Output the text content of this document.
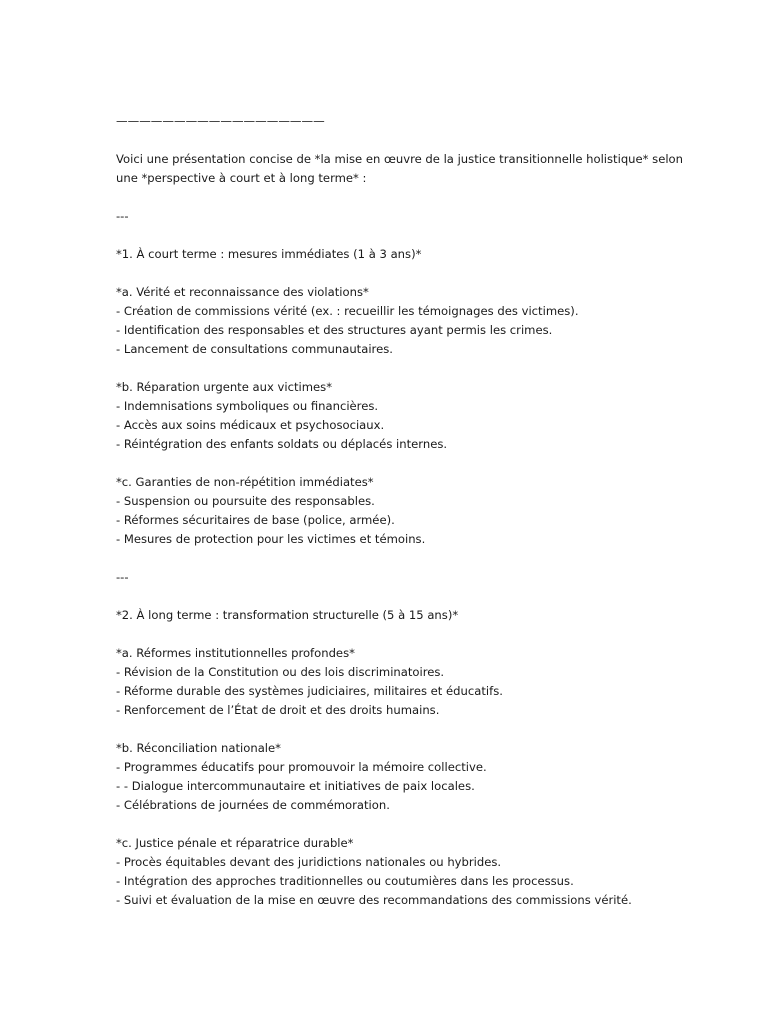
——————————————————
Voici une présentation concise de *la mise en œuvre de la justice transitionnelle holistique* selon
une *perspective à court et à long terme* :
---
*1. À court terme : mesures immédiates (1 à 3 ans)*
*a. Vérité et reconnaissance des violations*
- Création de commissions vérité (ex. : recueillir les témoignages des victimes).
- Identification des responsables et des structures ayant permis les crimes.
- Lancement de consultations communautaires.
*b. Réparation urgente aux victimes*
- Indemnisations symboliques ou financières.
- Accès aux soins médicaux et psychosociaux.
- Réintégration des enfants soldats ou déplacés internes.
*c. Garanties de non-répétition immédiates*
- Suspension ou poursuite des responsables.
- Réformes sécuritaires de base (police, armée).
- Mesures de protection pour les victimes et témoins.
---
*2. À long terme : transformation structurelle (5 à 15 ans)*
*a. Réformes institutionnelles profondes*
- Révision de la Constitution ou des lois discriminatoires.
- Réforme durable des systèmes judiciaires, militaires et éducatifs.
- Renforcement de l’État de droit et des droits humains.
*b. Réconciliation nationale*
- Programmes éducatifs pour promouvoir la mémoire collective.
- - Dialogue intercommunautaire et initiatives de paix locales.
- Célébrations de journées de commémoration.
*c. Justice pénale et réparatrice durable*
- Procès équitables devant des juridictions nationales ou hybrides.
- Intégration des approches traditionnelles ou coutumières dans les processus.
- Suivi et évaluation de la mise en œuvre des recommandations des commissions vérité.
